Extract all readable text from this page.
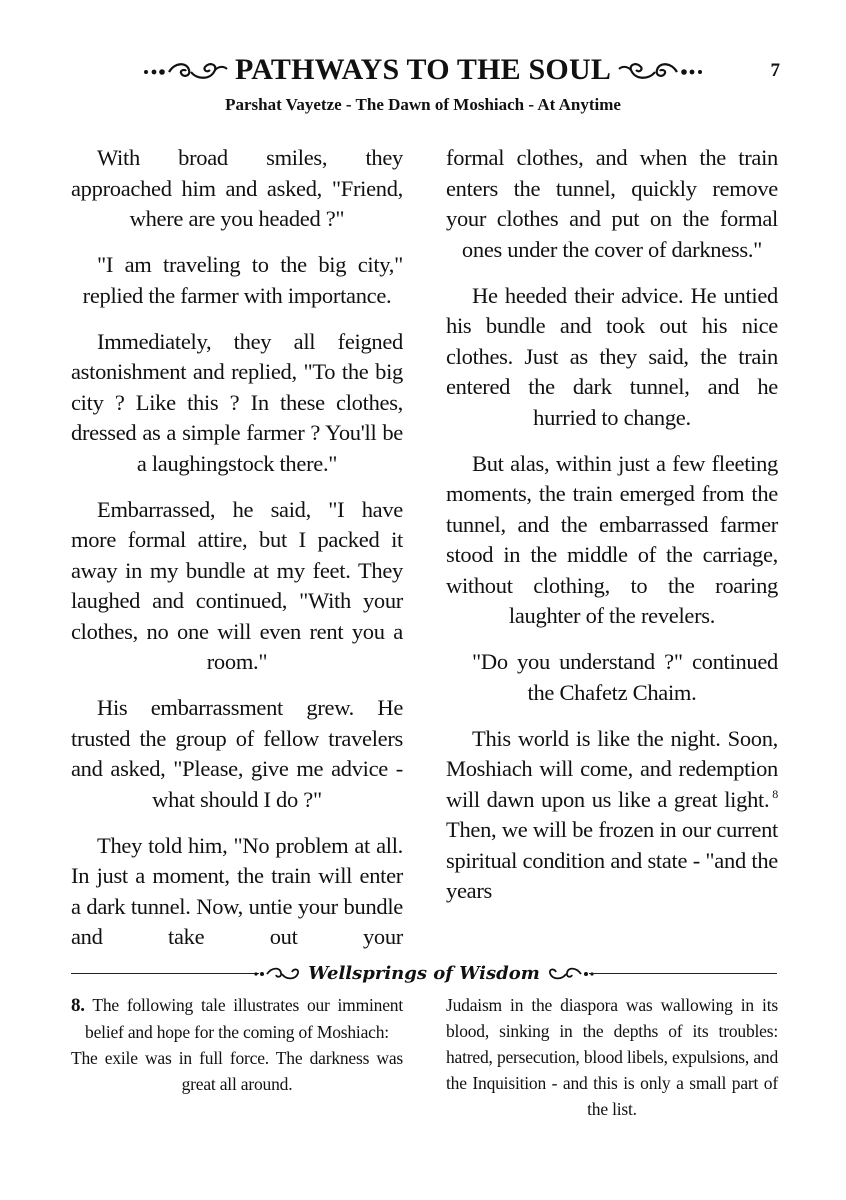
PATHWAYS TO THE SOUL	7
Parshat Vayetze - The Dawn of Moshiach - At Anytime

With broad smiles, they approached him and asked, "Friend, where are you headed ?"

"I am traveling to the big city," replied the farmer with importance.

Immediately, they all feigned astonishment and replied, "To the big city ? Like this ? In these clothes, dressed as a simple farmer ? You'll be a laughingstock there."

Embarrassed, he said, "I have more formal attire, but I packed it away in my bundle at my feet. They laughed and continued, "With your clothes, no one will even rent you a room."

His embarrassment grew. He trusted the group of fellow travelers and asked, "Please, give me advice - what should I do ?"

They told him, "No problem at all. In just a moment, the train will enter a dark tunnel. Now, untie your bundle and take out your

formal clothes, and when the train enters the tunnel, quickly remove your clothes and put on the formal ones under the cover of darkness."

He heeded their advice. He untied his bundle and took out his nice clothes. Just as they said, the train entered the dark tunnel, and he hurried to change.

But alas, within just a few fleeting moments, the train emerged from the tunnel, and the embarrassed farmer stood in the middle of the carriage, without clothing, to the roaring laughter of the revelers.

"Do you understand ?" continued the Chafetz Chaim.

This world is like the night. Soon, Moshiach will come, and redemption will dawn upon us like a great light. $^8$ Then, we will be frozen in our current spiritual condition and state - "and the years

Wellsprings of Wisdom

8. The following tale illustrates our imminent belief and hope for the coming of Moshiach:

The exile was in full force. The darkness was great all around.

Judaism in the diaspora was wallowing in its blood, sinking in the depths of its troubles: hatred, persecution, blood libels, expulsions, and the Inquisition - and this is only a small part of the list.
